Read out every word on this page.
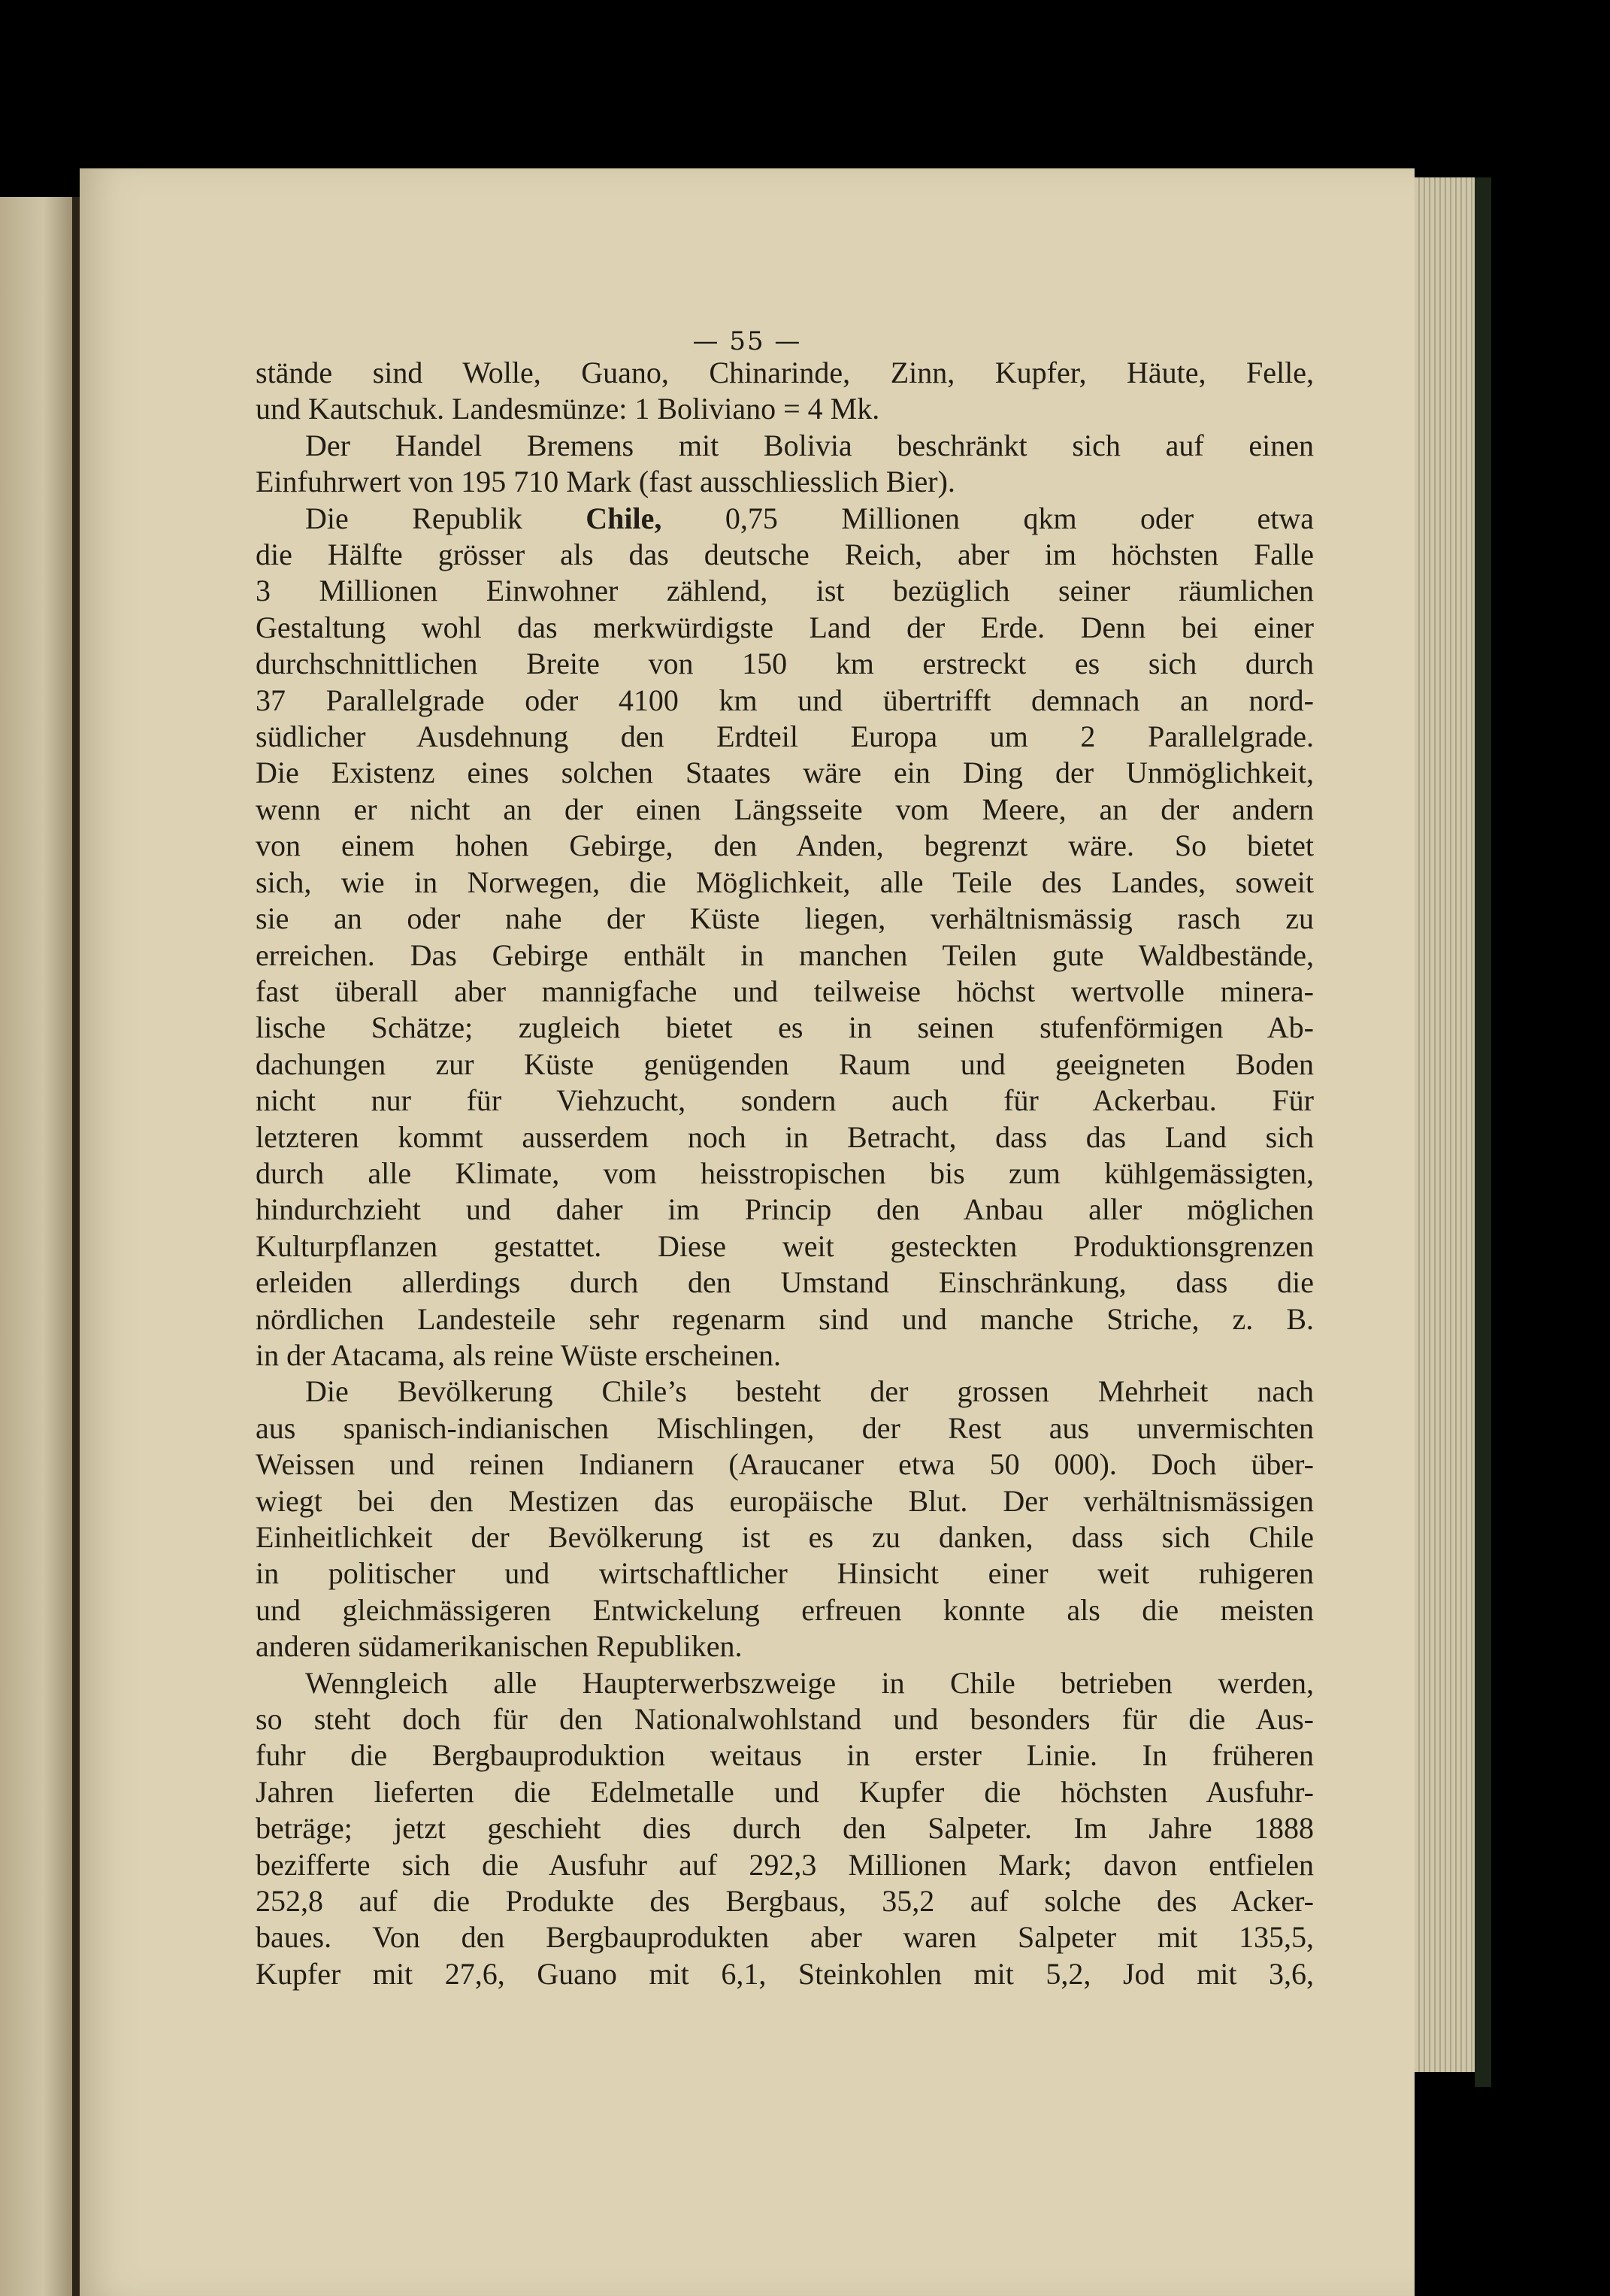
— 55 —
stände sind Wolle, Guano, Chinarinde, Zinn, Kupfer, Häute, Felle,
und Kautschuk. Landesmünze: 1 Boliviano = 4 Mk.
Der Handel Bremens mit Bolivia beschränkt sich auf einen
Einfuhrwert von 195 710 Mark (fast ausschliesslich Bier).
Die Republik Chile, 0,75 Millionen qkm oder etwa
die Hälfte grösser als das deutsche Reich, aber im höchsten Falle
3 Millionen Einwohner zählend, ist bezüglich seiner räumlichen
Gestaltung wohl das merkwürdigste Land der Erde. Denn bei einer
durchschnittlichen Breite von 150 km erstreckt es sich durch
37 Parallelgrade oder 4100 km und übertrifft demnach an nord-
südlicher Ausdehnung den Erdteil Europa um 2 Parallelgrade.
Die Existenz eines solchen Staates wäre ein Ding der Unmöglichkeit,
wenn er nicht an der einen Längsseite vom Meere, an der andern
von einem hohen Gebirge, den Anden, begrenzt wäre. So bietet
sich, wie in Norwegen, die Möglichkeit, alle Teile des Landes, soweit
sie an oder nahe der Küste liegen, verhältnismässig rasch zu
erreichen. Das Gebirge enthält in manchen Teilen gute Waldbestände,
fast überall aber mannigfache und teilweise höchst wertvolle minera-
lische Schätze; zugleich bietet es in seinen stufenförmigen Ab-
dachungen zur Küste genügenden Raum und geeigneten Boden
nicht nur für Viehzucht, sondern auch für Ackerbau. Für
letzteren kommt ausserdem noch in Betracht, dass das Land sich
durch alle Klimate, vom heisstropischen bis zum kühlgemässigten,
hindurchzieht und daher im Princip den Anbau aller möglichen
Kulturpflanzen gestattet. Diese weit gesteckten Produktionsgrenzen
erleiden allerdings durch den Umstand Einschränkung, dass die
nördlichen Landesteile sehr regenarm sind und manche Striche, z. B.
in der Atacama, als reine Wüste erscheinen.
Die Bevölkerung Chile’s besteht der grossen Mehrheit nach
aus spanisch-indianischen Mischlingen, der Rest aus unvermischten
Weissen und reinen Indianern (Araucaner etwa 50 000). Doch über-
wiegt bei den Mestizen das europäische Blut. Der verhältnismässigen
Einheitlichkeit der Bevölkerung ist es zu danken, dass sich Chile
in politischer und wirtschaftlicher Hinsicht einer weit ruhigeren
und gleichmässigeren Entwickelung erfreuen konnte als die meisten
anderen südamerikanischen Republiken.
Wenngleich alle Haupterwerbszweige in Chile betrieben werden,
so steht doch für den Nationalwohlstand und besonders für die Aus-
fuhr die Bergbauproduktion weitaus in erster Linie. In früheren
Jahren lieferten die Edelmetalle und Kupfer die höchsten Ausfuhr-
beträge; jetzt geschieht dies durch den Salpeter. Im Jahre 1888
bezifferte sich die Ausfuhr auf 292,3 Millionen Mark; davon entfielen
252,8 auf die Produkte des Bergbaus, 35,2 auf solche des Acker-
baues. Von den Bergbauprodukten aber waren Salpeter mit 135,5,
Kupfer mit 27,6, Guano mit 6,1, Steinkohlen mit 5,2, Jod mit 3,6,
